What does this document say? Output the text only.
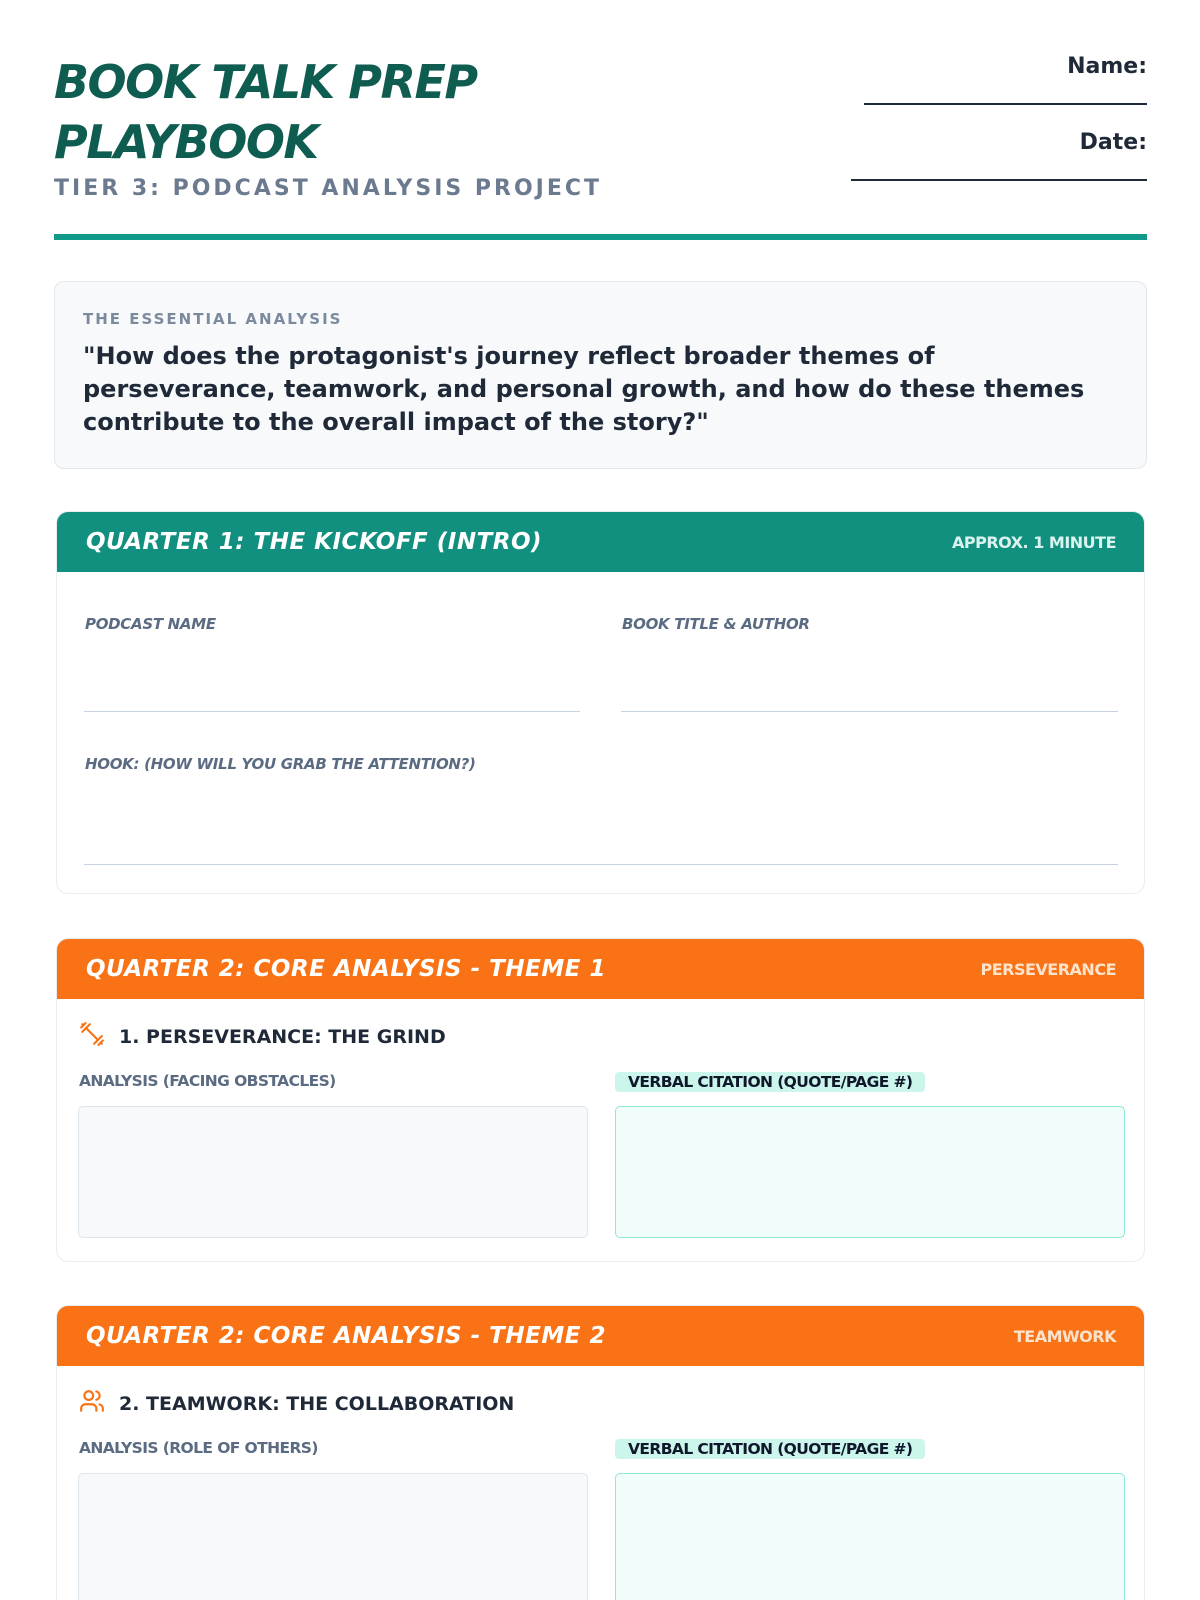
BOOK TALK PREP
PLAYBOOK
TIER 3: PODCAST ANALYSIS PROJECT
Name:
Date:
THE ESSENTIAL ANALYSIS
"How does the protagonist's journey reflect broader themes of perseverance, teamwork, and personal growth, and how do these themes contribute to the overall impact of the story?"
QUARTER 1: THE KICKOFF (INTRO)	APPROX. 1 MINUTE
PODCAST NAME	BOOK TITLE & AUTHOR
HOOK: (HOW WILL YOU GRAB THE ATTENTION?)
QUARTER 2: CORE ANALYSIS - THEME 1	PERSEVERANCE
1. PERSEVERANCE: THE GRIND
ANALYSIS (FACING OBSTACLES)	VERBAL CITATION (QUOTE/PAGE #)
QUARTER 2: CORE ANALYSIS - THEME 2	TEAMWORK
2. TEAMWORK: THE COLLABORATION
ANALYSIS (ROLE OF OTHERS)	VERBAL CITATION (QUOTE/PAGE #)
